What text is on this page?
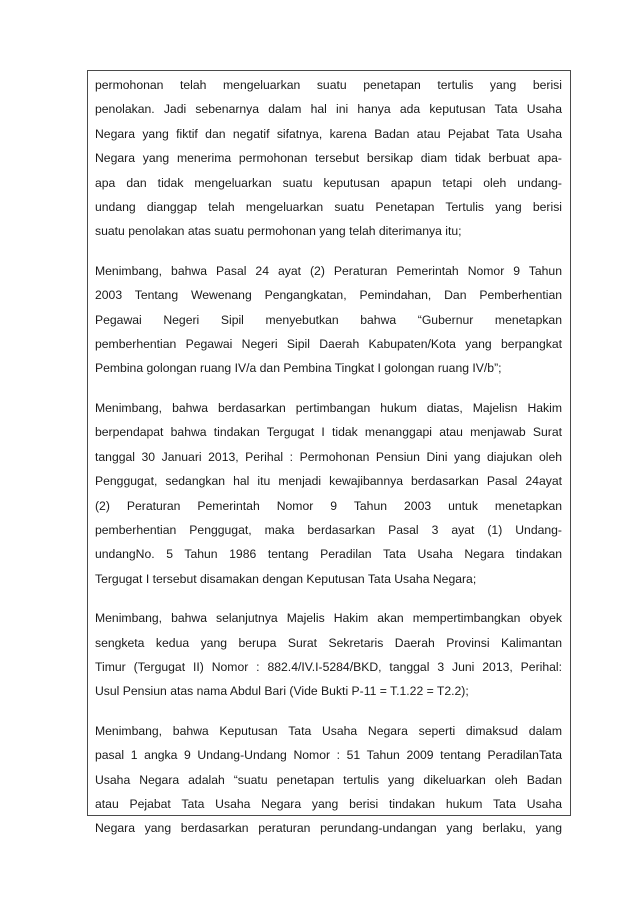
permohonan telah mengeluarkan suatu penetapan tertulis yang berisi
penolakan. Jadi sebenarnya dalam hal ini hanya ada keputusan Tata Usaha
Negara yang fiktif dan negatif sifatnya, karena Badan atau Pejabat Tata Usaha
Negara yang menerima permohonan tersebut bersikap diam tidak berbuat apa-
apa dan tidak mengeluarkan suatu keputusan apapun tetapi oleh undang-
undang dianggap telah mengeluarkan suatu Penetapan Tertulis yang berisi
suatu penolakan atas suatu permohonan yang telah diterimanya itu;

Menimbang, bahwa Pasal 24 ayat (2) Peraturan Pemerintah Nomor 9 Tahun
2003 Tentang Wewenang Pengangkatan, Pemindahan, Dan Pemberhentian
Pegawai Negeri Sipil menyebutkan bahwa “Gubernur menetapkan
pemberhentian Pegawai Negeri Sipil Daerah Kabupaten/Kota yang berpangkat
Pembina golongan ruang IV/a dan Pembina Tingkat I golongan ruang IV/b”;

Menimbang, bahwa berdasarkan pertimbangan hukum diatas, Majelisn Hakim
berpendapat bahwa tindakan Tergugat I tidak menanggapi atau menjawab Surat
tanggal 30 Januari 2013, Perihal : Permohonan Pensiun Dini yang diajukan oleh
Penggugat, sedangkan hal itu menjadi kewajibannya berdasarkan Pasal 24ayat
(2) Peraturan Pemerintah Nomor 9 Tahun 2003 untuk menetapkan
pemberhentian Penggugat, maka berdasarkan Pasal 3 ayat (1) Undang-
undangNo. 5 Tahun 1986 tentang Peradilan Tata Usaha Negara tindakan
Tergugat I tersebut disamakan dengan Keputusan Tata Usaha Negara;

Menimbang, bahwa selanjutnya Majelis Hakim akan mempertimbangkan obyek
sengketa kedua yang berupa Surat Sekretaris Daerah Provinsi Kalimantan
Timur (Tergugat II) Nomor : 882.4/IV.I-5284/BKD, tanggal 3 Juni 2013, Perihal:
Usul Pensiun atas nama Abdul Bari (Vide Bukti P-11 = T.1.22 = T2.2);

Menimbang, bahwa Keputusan Tata Usaha Negara seperti dimaksud dalam
pasal 1 angka 9 Undang-Undang Nomor : 51 Tahun 2009 tentang PeradilanTata
Usaha Negara adalah “suatu penetapan tertulis yang dikeluarkan oleh Badan
atau Pejabat Tata Usaha Negara yang berisi tindakan hukum Tata Usaha
Negara yang berdasarkan peraturan perundang-undangan yang berlaku, yang
